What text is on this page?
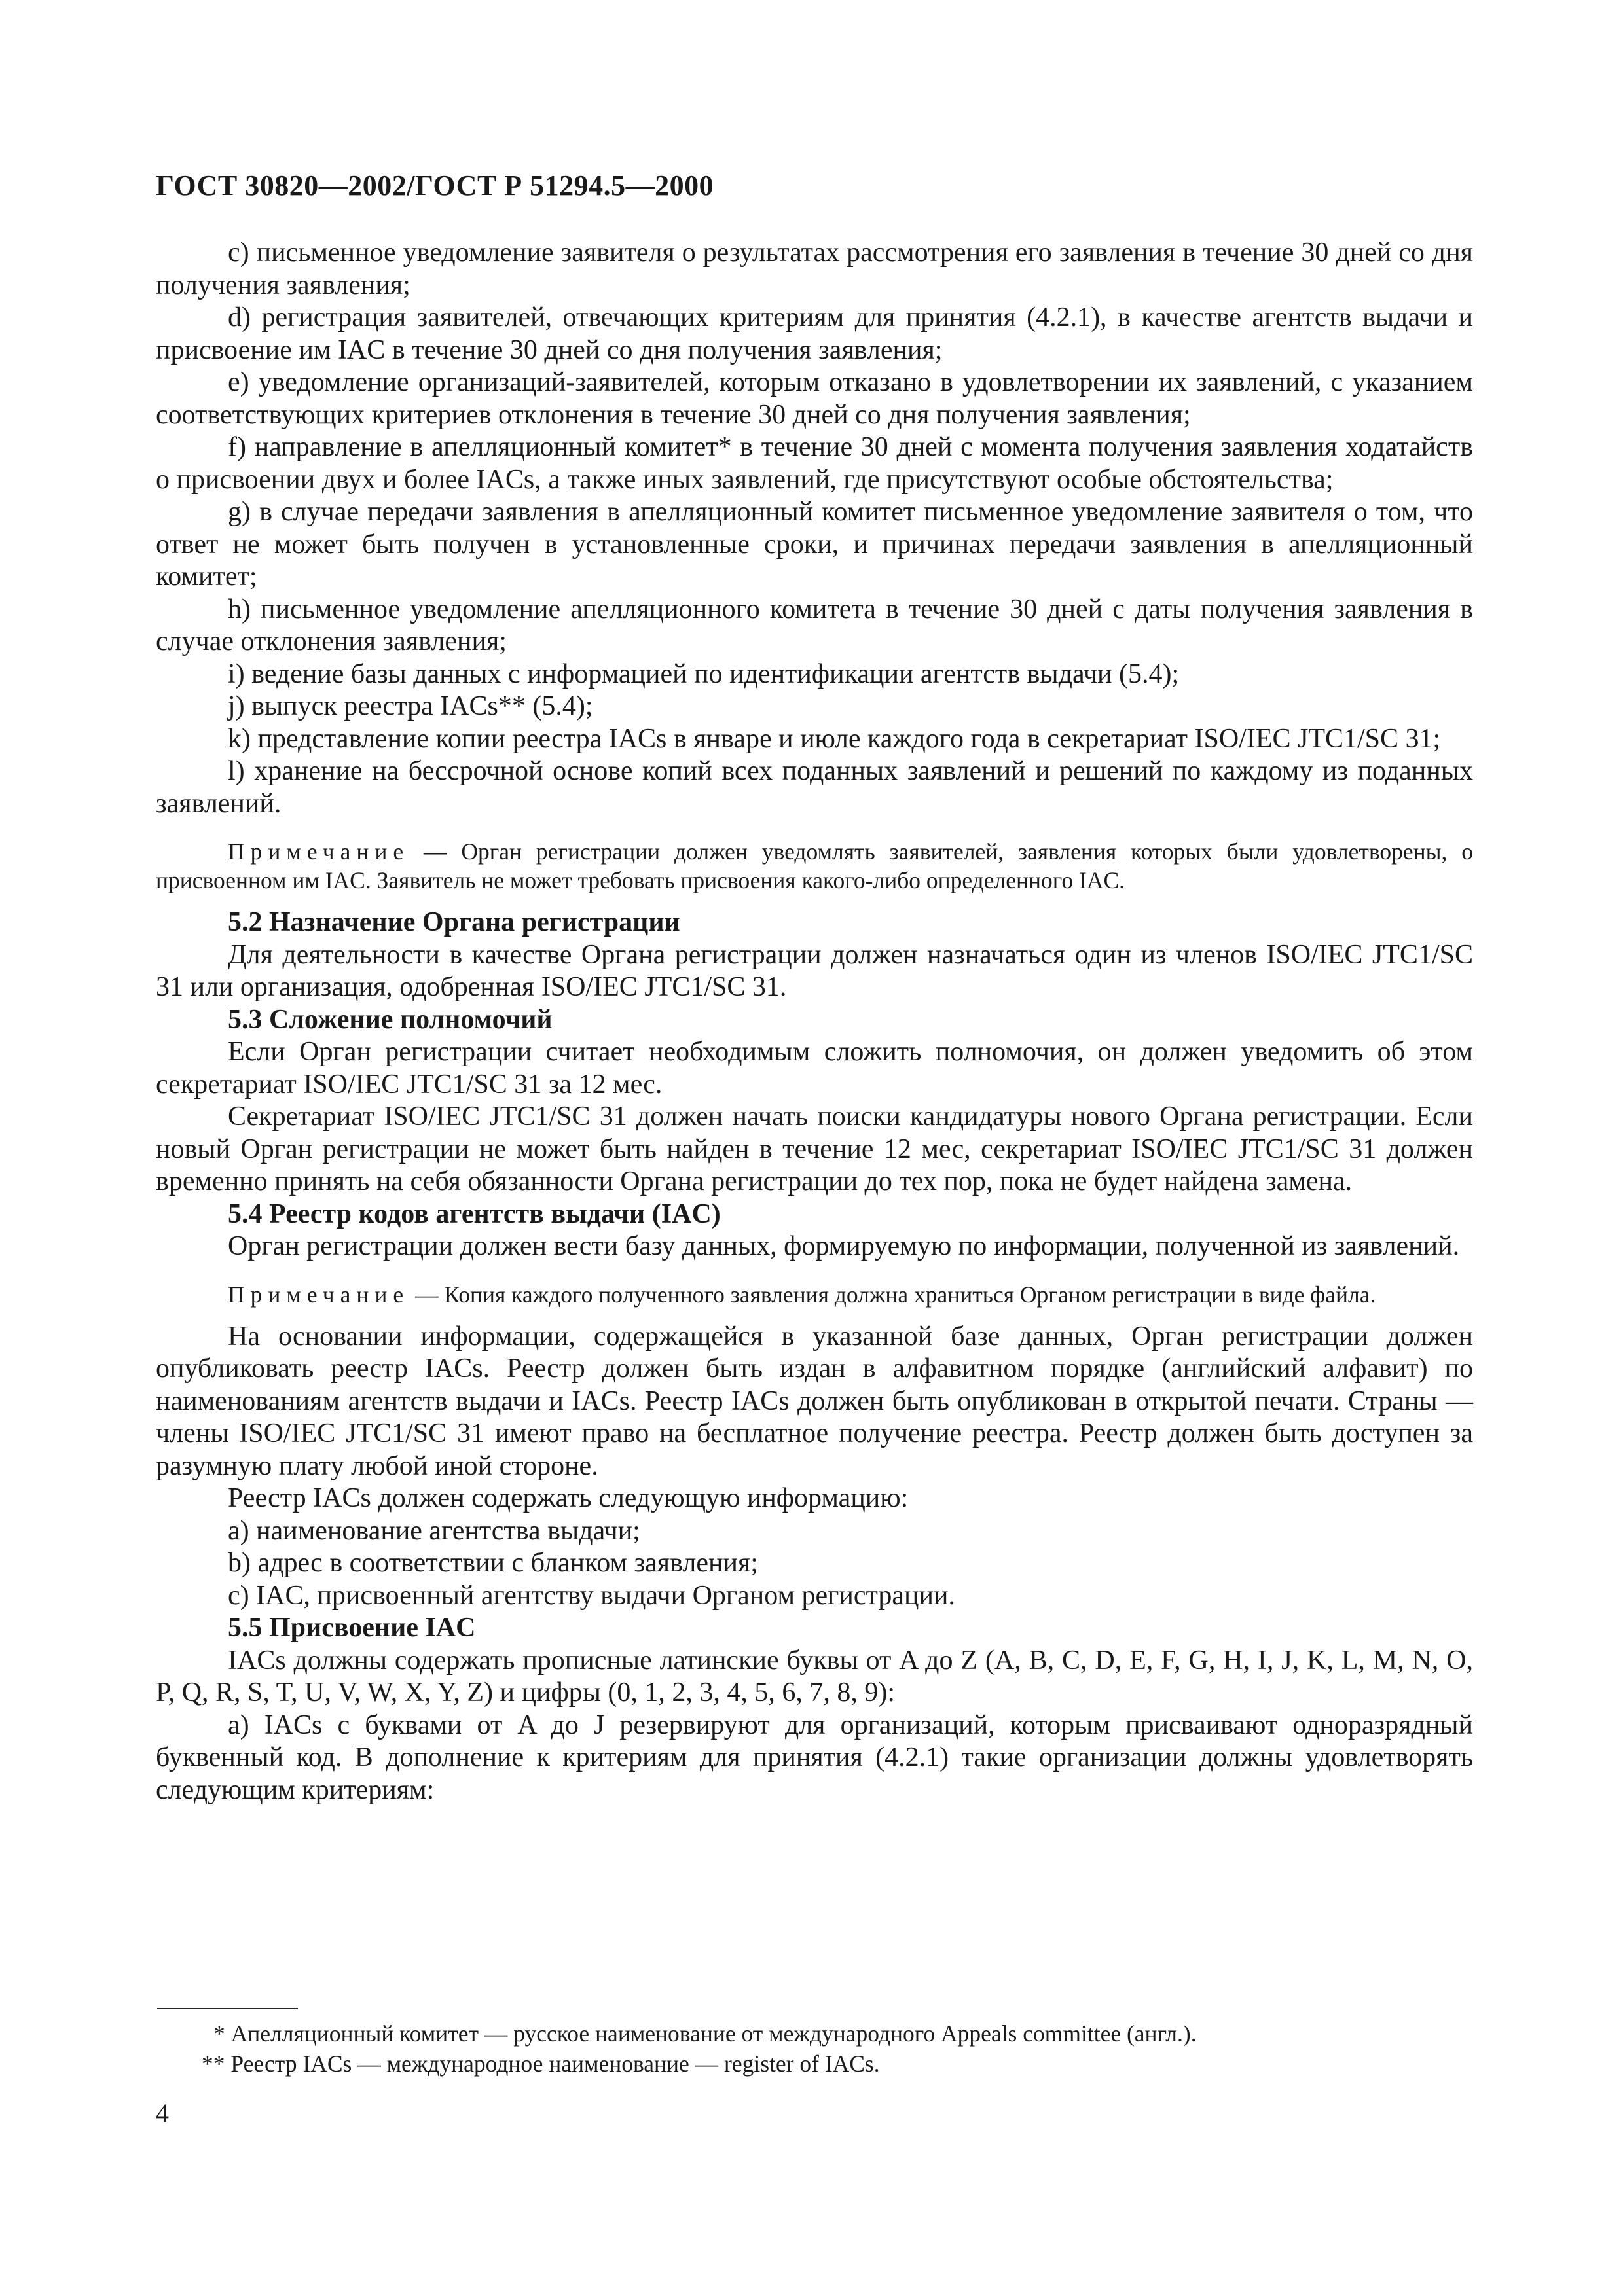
ГОСТ 30820—2002/ГОСТ Р 51294.5—2000

c) письменное уведомление заявителя о результатах рассмотрения его заявления в течение 30 дней со дня получения заявления;

d) регистрация заявителей, отвечающих критериям для принятия (4.2.1), в качестве агентств выдачи и присвоение им IAC в течение 30 дней со дня получения заявления;

e) уведомление организаций-заявителей, которым отказано в удовлетворении их заявлений, с указанием соответствующих критериев отклонения в течение 30 дней со дня получения заявления;

f) направление в апелляционный комитет* в течение 30 дней с момента получения заявления ходатайств о присвоении двух и более IACs, а также иных заявлений, где присутствуют особые обстоятельства;

g) в случае передачи заявления в апелляционный комитет письменное уведомление заявителя о том, что ответ не может быть получен в установленные сроки, и причинах передачи заявления в апелляционный комитет;

h) письменное уведомление апелляционного комитета в течение 30 дней с даты получения заявления в случае отклонения заявления;

i) ведение базы данных с информацией по идентификации агентств выдачи (5.4);

j) выпуск реестра IACs** (5.4);

k) представление копии реестра IACs в январе и июле каждого года в секретариат ISO/IEC JTC1/SC 31;

l) хранение на бессрочной основе копий всех поданных заявлений и решений по каждому из поданных заявлений.

Примечание — Орган регистрации должен уведомлять заявителей, заявления которых были удовлетворены, о присвоенном им IAC. Заявитель не может требовать присвоения какого-либо определенного IAC.

5.2 Назначение Органа регистрации

Для деятельности в качестве Органа регистрации должен назначаться один из членов ISO/IEC JTC1/SC 31 или организация, одобренная ISO/IEC JTC1/SC 31.

5.3 Сложение полномочий

Если Орган регистрации считает необходимым сложить полномочия, он должен уведомить об этом секретариат ISO/IEC JTC1/SC 31 за 12 мес.

Секретариат ISO/IEC JTC1/SC 31 должен начать поиски кандидатуры нового Органа регистрации. Если новый Орган регистрации не может быть найден в течение 12 мес, секретариат ISO/IEC JTC1/SC 31 должен временно принять на себя обязанности Органа регистрации до тех пор, пока не будет найдена замена.

5.4 Реестр кодов агентств выдачи (IAC)

Орган регистрации должен вести базу данных, формируемую по информации, полученной из заявлений.

Примечание — Копия каждого полученного заявления должна храниться Органом регистрации в виде файла.

На основании информации, содержащейся в указанной базе данных, Орган регистрации должен опубликовать реестр IACs. Реестр должен быть издан в алфавитном порядке (английский алфавит) по наименованиям агентств выдачи и IACs. Реестр IACs должен быть опубликован в открытой печати. Страны — члены ISO/IEC JTC1/SC 31 имеют право на бесплатное получение реестра. Реестр должен быть доступен за разумную плату любой иной стороне.

Реестр IACs должен содержать следующую информацию:

a) наименование агентства выдачи;

b) адрес в соответствии с бланком заявления;

c) IAC, присвоенный агентству выдачи Органом регистрации.

5.5 Присвоение IAC

IACs должны содержать прописные латинские буквы от A до Z (A, B, C, D, E, F, G, H, I, J, K, L, M, N, O, P, Q, R, S, T, U, V, W, X, Y, Z) и цифры (0, 1, 2, 3, 4, 5, 6, 7, 8, 9):

a) IACs с буквами от A до J резервируют для организаций, которым присваивают одноразрядный буквенный код. В дополнение к критериям для принятия (4.2.1) такие организации должны удовлетворять следующим критериям:

* Апелляционный комитет — русское наименование от международного Appeals committee (англ.).
** Реестр IACs — международное наименование — register of IACs.
4
